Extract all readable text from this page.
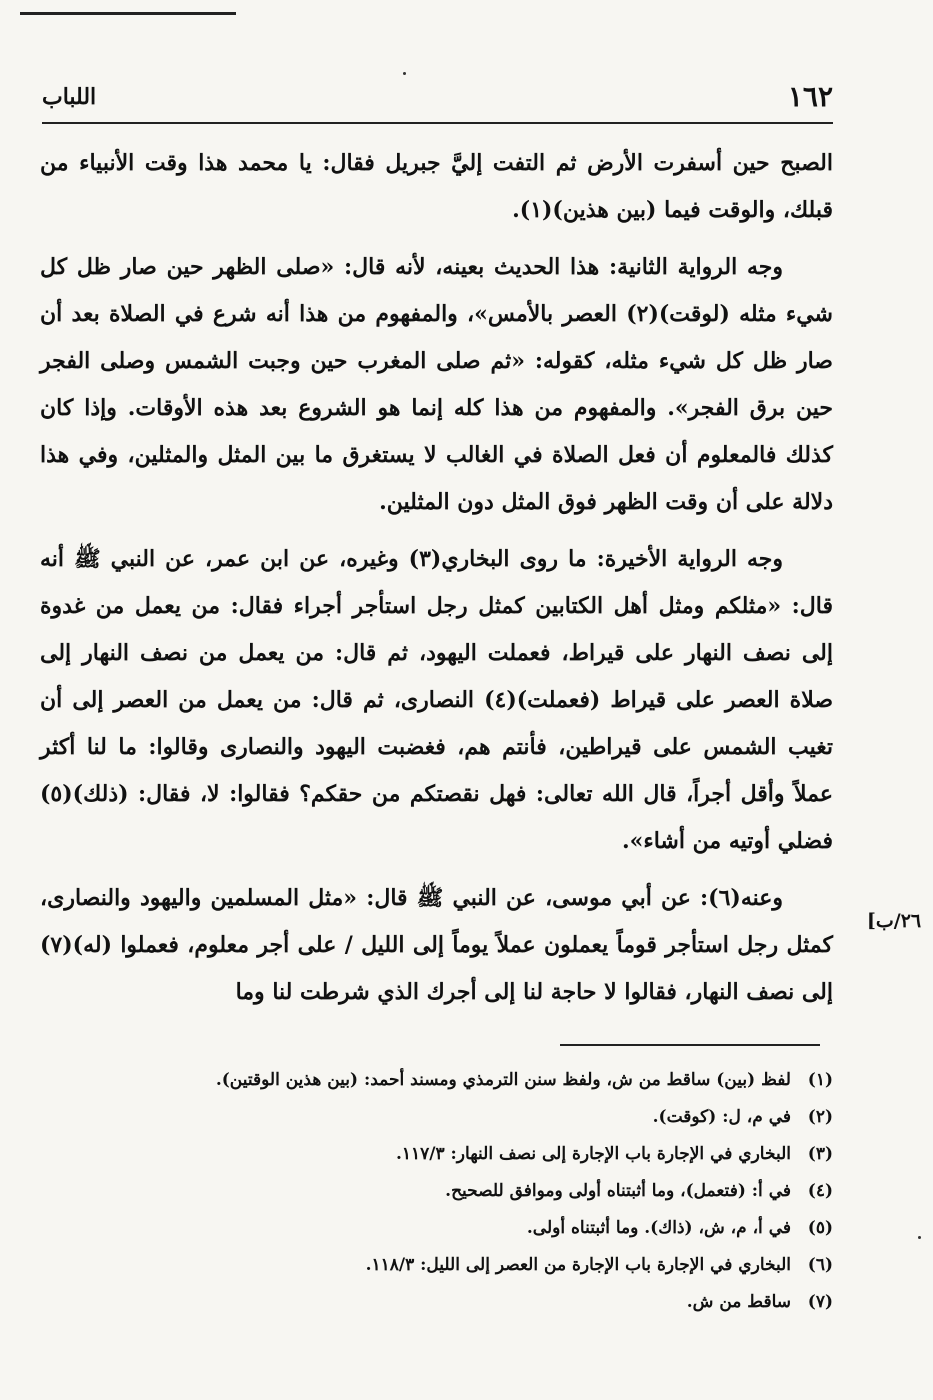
١٦٢
اللباب

الصبح حين أسفرت الأرض ثم التفت إليَّ جبريل فقال: يا محمد هذا وقت الأنبياء من قبلك، والوقت فيما (بين هذين)(١).

وجه الرواية الثانية: هذا الحديث بعينه، لأنه قال: «صلى الظهر حين صار ظل كل شيء مثله (لوقت)(٢) العصر بالأمس»، والمفهوم من هذا أنه شرع في الصلاة بعد أن صار ظل كل شيء مثله، كقوله: «ثم صلى المغرب حين وجبت الشمس وصلى الفجر حين برق الفجر». والمفهوم من هذا كله إنما هو الشروع بعد هذه الأوقات. وإذا كان كذلك فالمعلوم أن فعل الصلاة في الغالب لا يستغرق ما بين المثل والمثلين، وفي هذا دلالة على أن وقت الظهر فوق المثل دون المثلين.

وجه الرواية الأخيرة: ما روى البخاري(٣) وغيره، عن ابن عمر، عن النبي ﷺ أنه قال: «مثلكم ومثل أهل الكتابين كمثل رجل استأجر أجراء فقال: من يعمل من غدوة إلى نصف النهار على قيراط، فعملت اليهود، ثم قال: من يعمل من نصف النهار إلى صلاة العصر على قيراط (فعملت)(٤) النصارى، ثم قال: من يعمل من العصر إلى أن تغيب الشمس على قيراطين، فأنتم هم، فغضبت اليهود والنصارى وقالوا: ما لنا أكثر عملاً وأقل أجراً، قال الله تعالى: فهل نقصتكم من حقكم؟ فقالوا: لا، فقال: (ذلك)(٥) فضلي أوتيه من أشاء».

وعنه(٦): عن أبي موسى، عن النبي ﷺ قال: «مثل المسلمين واليهود والنصارى، كمثل رجل استأجر قوماً يعملون عملاً يوماً إلى الليل / على أجر معلوم، فعملوا (له)(٧) إلى نصف النهار، فقالوا لا حاجة لنا إلى أجرك الذي شرطت لنا وما

٢٦/ب]
(١)
لفظ (بين) ساقط من ش، ولفظ سنن الترمذي ومسند أحمد: (بين هذين الوقتين).
(٢)
في م، ل: (كوقت).
(٣)
البخاري في الإجارة باب الإجارة إلى نصف النهار: ١١٧/٣.
(٤)
في أ: (فتعمل)، وما أثبتناه أولى وموافق للصحيح.
(٥)
في أ، م، ش، (ذاك). وما أثبتناه أولى.
(٦)
البخاري في الإجارة باب الإجارة من العصر إلى الليل: ١١٨/٣.
(٧)
ساقط من ش.
